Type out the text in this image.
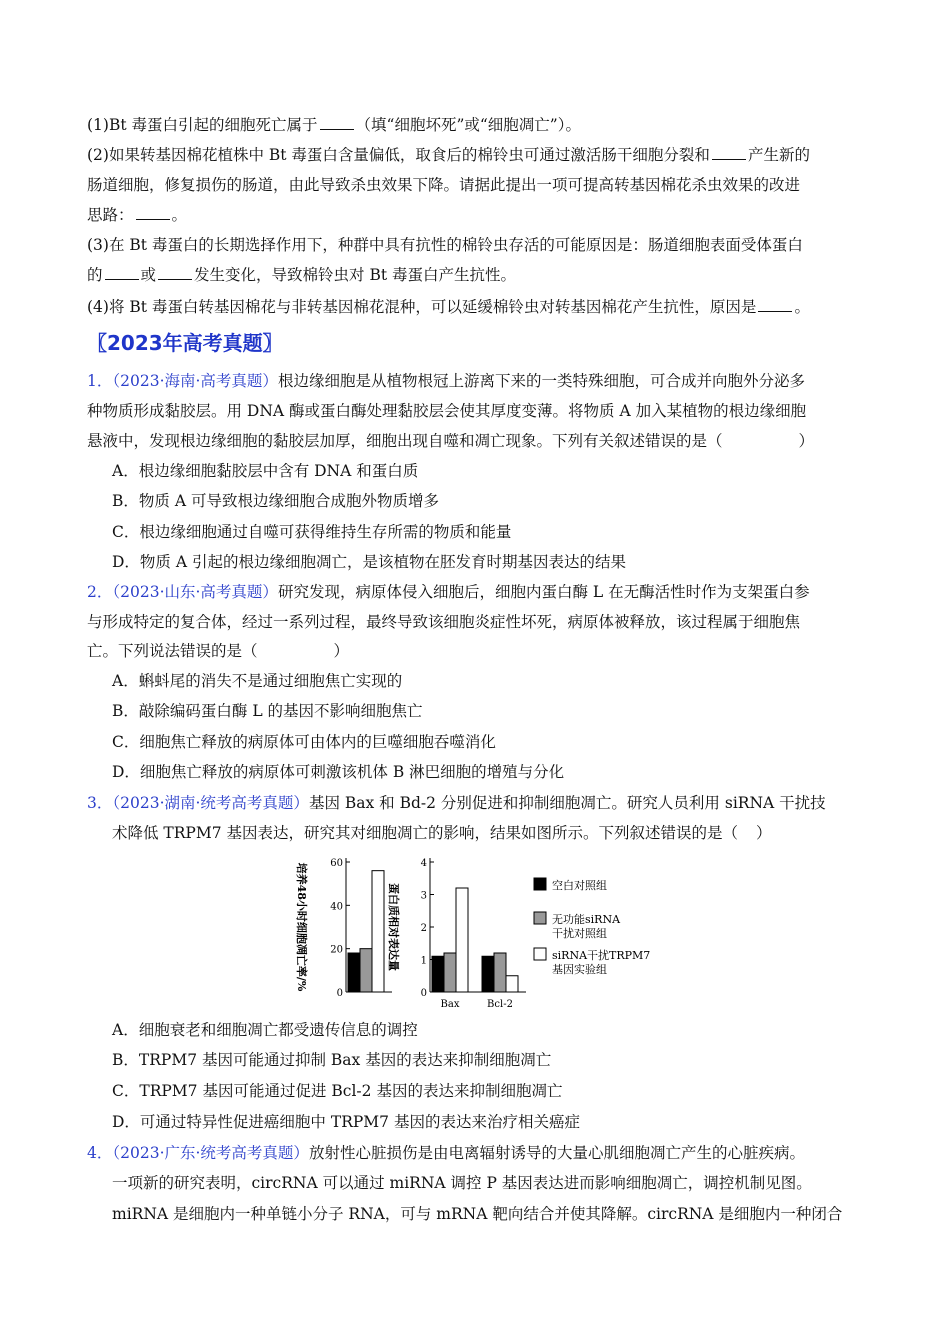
(1)Bt 毒蛋白引起的细胞死亡属于 （填“细胞坏死”或“细胞凋亡”）。
(2)如果转基因棉花植株中 Bt 毒蛋白含量偏低，取食后的棉铃虫可通过激活肠干细胞分裂和 产生新的
肠道细胞，修复损伤的肠道，由此导致杀虫效果下降。请据此提出一项可提高转基因棉花杀虫效果的改进
思路： 。
(3)在 Bt 毒蛋白的长期选择作用下，种群中具有抗性的棉铃虫存活的可能原因是：肠道细胞表面受体蛋白
的 或 发生变化，导致棉铃虫对 Bt 毒蛋白产生抗性。
(4)将 Bt 毒蛋白转基因棉花与非转基因棉花混种，可以延缓棉铃虫对转基因棉花产生抗性，原因是 。
〖2023年高考真题〗
1．（2023·海南·高考真题）根边缘细胞是从植物根冠上游离下来的一类特殊细胞，可合成并向胞外分泌多
种物质形成黏胶层。用 DNA 酶或蛋白酶处理黏胶层会使其厚度变薄。将物质 A 加入某植物的根边缘细胞
悬液中，发现根边缘细胞的黏胶层加厚，细胞出现自噬和凋亡现象。下列有关叙述错误的是（	）
A．根边缘细胞黏胶层中含有 DNA 和蛋白质
B．物质 A 可导致根边缘细胞合成胞外物质增多
C．根边缘细胞通过自噬可获得维持生存所需的物质和能量
D．物质 A 引起的根边缘细胞凋亡，是该植物在胚发育时期基因表达的结果
2．（2023·山东·高考真题）研究发现，病原体侵入细胞后，细胞内蛋白酶 L 在无酶活性时作为支架蛋白参
与形成特定的复合体，经过一系列过程，最终导致该细胞炎症性坏死，病原体被释放，该过程属于细胞焦
亡。下列说法错误的是（	）
A．蝌蚪尾的消失不是通过细胞焦亡实现的
B．敲除编码蛋白酶 L 的基因不影响细胞焦亡
C．细胞焦亡释放的病原体可由体内的巨噬细胞吞噬消化
D．细胞焦亡释放的病原体可刺激该机体 B 淋巴细胞的增殖与分化
3．（2023·湖南·统考高考真题）基因 Bax 和 Bd-2 分别促进和抑制细胞凋亡。研究人员利用 siRNA 干扰技
术降低 TRPM7 基因表达，研究其对细胞凋亡的影响，结果如图所示。下列叙述错误的是（ ）
0
20
40
60
培养48小时细胞凋亡率/%
0
1
2
3
4
Bax	Bcl-2
蛋白质相对表达量	空白对照组
无功能siRNA
干扰对照组
siRNA干扰TRPM7
基因实验组
A．细胞衰老和细胞凋亡都受遗传信息的调控
B．TRPM7 基因可能通过抑制 Bax 基因的表达来抑制细胞凋亡
C．TRPM7 基因可能通过促进 Bcl-2 基因的表达来抑制细胞凋亡
D．可通过特异性促进癌细胞中 TRPM7 基因的表达来治疗相关癌症
4．（2023·广东·统考高考真题）放射性心脏损伤是由电离辐射诱导的大量心肌细胞凋亡产生的心脏疾病。
一项新的研究表明，circRNA 可以通过 miRNA 调控 P 基因表达进而影响细胞凋亡，调控机制见图。
miRNA 是细胞内一种单链小分子 RNA，可与 mRNA 靶向结合并使其降解。circRNA 是细胞内一种闭合
